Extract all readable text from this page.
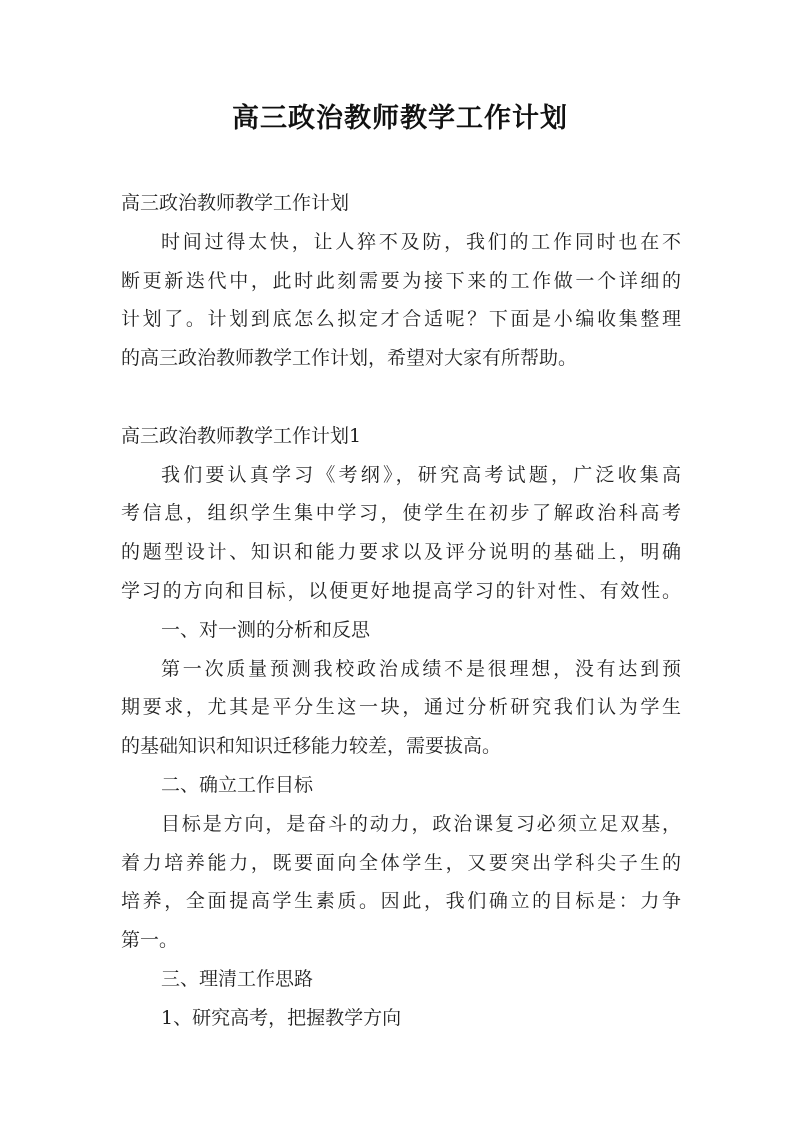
高三政治教师教学工作计划
高三政治教师教学工作计划
时间过得太快，让人猝不及防，我们的工作同时也在不
断更新迭代中，此时此刻需要为接下来的工作做一个详细的
计划了。计划到底怎么拟定才合适呢？下面是小编收集整理
的高三政治教师教学工作计划，希望对大家有所帮助。
高三政治教师教学工作计划1
我们要认真学习《考纲》，研究高考试题，广泛收集高
考信息，组织学生集中学习，使学生在初步了解政治科高考
的题型设计、知识和能力要求以及评分说明的基础上，明确
学习的方向和目标，以便更好地提高学习的针对性、有效性。
一、对一测的分析和反思
第一次质量预测我校政治成绩不是很理想，没有达到预
期要求，尤其是平分生这一块，通过分析研究我们认为学生
的基础知识和知识迁移能力较差，需要拔高。
二、确立工作目标
目标是方向，是奋斗的动力，政治课复习必须立足双基，
着力培养能力，既要面向全体学生，又要突出学科尖子生的
培养，全面提高学生素质。因此，我们确立的目标是：力争
第一。
三、理清工作思路
1、研究高考，把握教学方向
